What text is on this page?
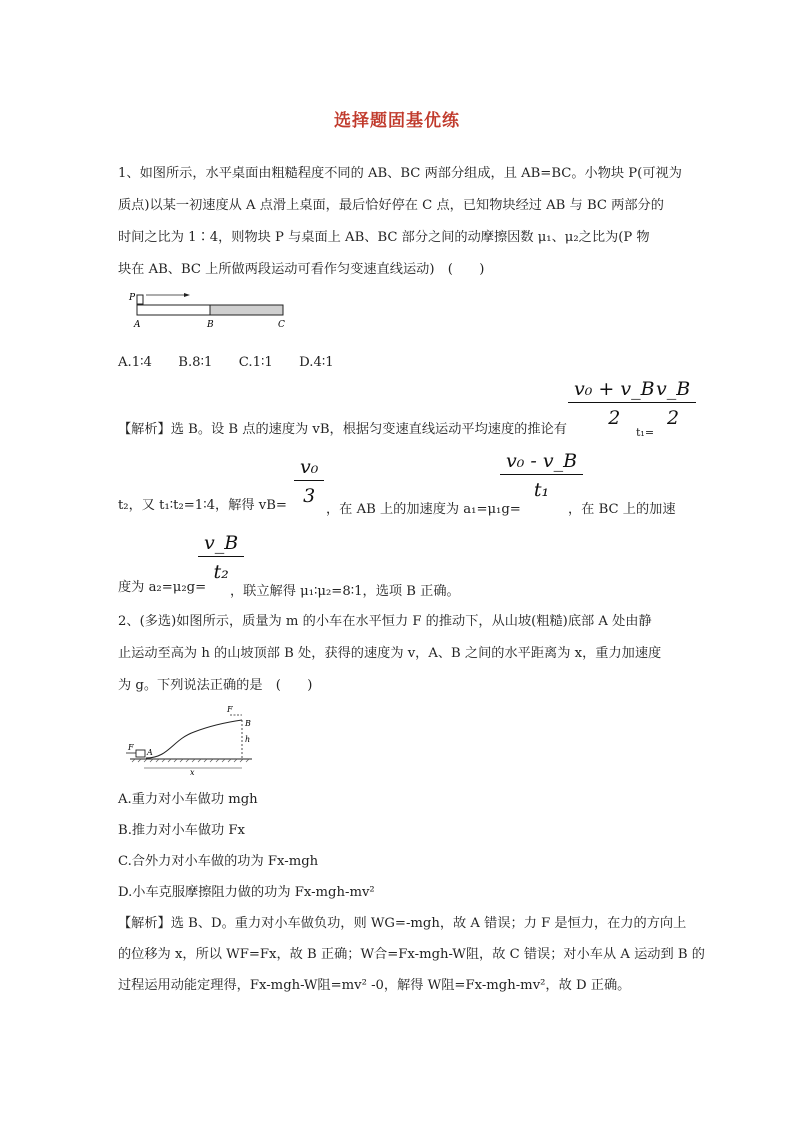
选择题固基优练
1、如图所示，水平桌面由粗糙程度不同的 AB、BC 两部分组成，且 AB=BC。小物块 P(可视为
质点)以某一初速度从 A 点滑上桌面，最后恰好停在 C 点，已知物块经过 AB 与 BC 两部分的
时间之比为 1∶4，则物块 P 与桌面上 AB、BC 部分之间的动摩擦因数 μ₁、μ₂之比为(P 物
块在 AB、BC 上所做两段运动可看作匀变速直线运动)　(　　)
P
A	B	C
A.1∶4　　B.8∶1　　C.1∶1　　D.4∶1
【解析】选 B。设 B 点的速度为 vB，根据匀变速直线运动平均速度的推论有
$\frac{\text{v₀ + v\_B}}{2}$
t₁=
$\frac{v\_B}{2}$
t₂，又 t₁∶t₂=1∶4，解得 $vB= \frac{\text{v₀}}{3}$
，在 AB 上的加速度为 a₁=μ₁g=
$\frac{\text{v₀ - v\_B}}{\text{t₁}}$
，在 BC 上的加速
度为 a₂=μ₂g=
$\frac{v\_B}{\text{t₂}}$
，联立解得 μ₁∶μ₂=8∶1，选项 B 正确。
2、(多选)如图所示，质量为 m 的小车在水平恒力 F 的推动下，从山坡(粗糙)底部 A 处由静
止运动至高为 h 的山坡顶部 B 处，获得的速度为 v，A、B 之间的水平距离为 x，重力加速度
为 g。下列说法正确的是　(　　)
F
B
h
F
A
x
A.重力对小车做功 mgh
B.推力对小车做功 Fx
C.合外力对小车做的功为 Fx-mgh
D.小车克服摩擦阻力做的功为 Fx-mgh-mv²
【解析】选 B、D。重力对小车做负功，则 WG=-mgh，故 A 错误；力 F 是恒力，在力的方向上
的位移为 x，所以 WF=Fx，故 B 正确；W合=Fx-mgh-W阻，故 C 错误；对小车从 A 运动到 B 的
过程运用动能定理得，Fx-mgh-W阻=mv² -0，解得 W阻=Fx-mgh-mv²，故 D 正确。
